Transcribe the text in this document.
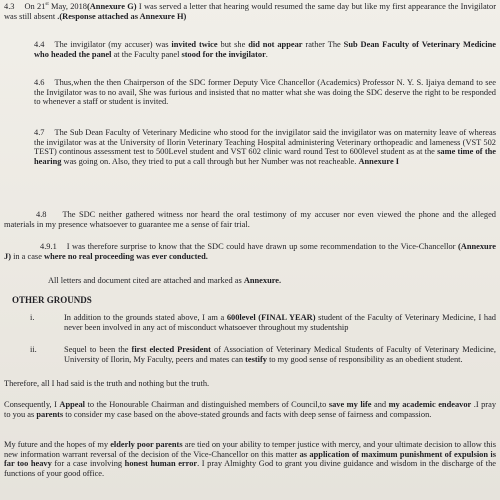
4.3 On 21st May, 2018(Annexure G) I was served a letter that hearing would resumed the same day but like my first appearance the Invigilator was still absent .(Response attached as Annexure H)

4.4 The invigilator (my accuser) was invited twice but she did not appear rather The Sub Dean Faculty of Veterinary Medicine who headed the panel at the Faculty panel stood for the invigilator.

4.6 Thus,when the then Chairperson of the SDC former Deputy Vice Chancellor (Academics) Professor N. Y. S. Ijaiya demand to see the Invigilator was to no avail, She was furious and insisted that no matter what she was doing the SDC deserve the right to be responded to whenever a staff or student is invited.

4.7 The Sub Dean Faculty of Veterinary Medicine who stood for the invigilator said the invigilator was on maternity leave of whereas the invigilator was at the University of Ilorin Veterinary Teaching Hospital administering Veterinary orthopeadic and lameness (VST 502 TEST) continous assessment test to 500Level student and VST 602 clinic ward round Test to 600level student as at the same time of the hearing was going on. Also, they tried to put a call through but her Number was not reacheable. Annexure I

4.8 The SDC neither gathered witness nor heard the oral testimony of my accuser nor even viewed the phone and the alleged materials in my presence whatsoever to guarantee me a sense of fair trial.

4.9.1 I was therefore surprise to know that the SDC could have drawn up some recommendation to the Vice-Chancellor (Annexure J) in a case where no real proceeding was ever conducted.

All letters and document cited are attached and marked as Annexure.

OTHER GROUNDS
i.	In addition to the grounds stated above, I am a 600level (FINAL YEAR) student of the Faculty of Veterinary Medicine, I had never been involved in any act of misconduct whatsoever throughout my studentship
ii.	Sequel to been the first elected President of Association of Veterinary Medical Students of Faculty of Veterinary Medicine, University of Ilorin, My Faculty, peers and mates can testify to my good sense of responsibility as an obedient student.

Therefore, all I had said is the truth and nothing but the truth.

Consequently, I Appeal to the Honourable Chairman and distinguished members of Council,to save my life and my academic endeavor .I pray to you as parents to consider my case based on the above-stated grounds and facts with deep sense of fairness and compassion.

My future and the hopes of my elderly poor parents are tied on your ability to temper justice with mercy, and your ultimate decision to allow this new information warrant reversal of the decision of the Vice-Chancellor on this matter as application of maximum punishment of expulsion is far too heavy for a case involving honest human error. I pray Almighty God to grant you divine guidance and wisdom in the discharge of the functions of your good office.
